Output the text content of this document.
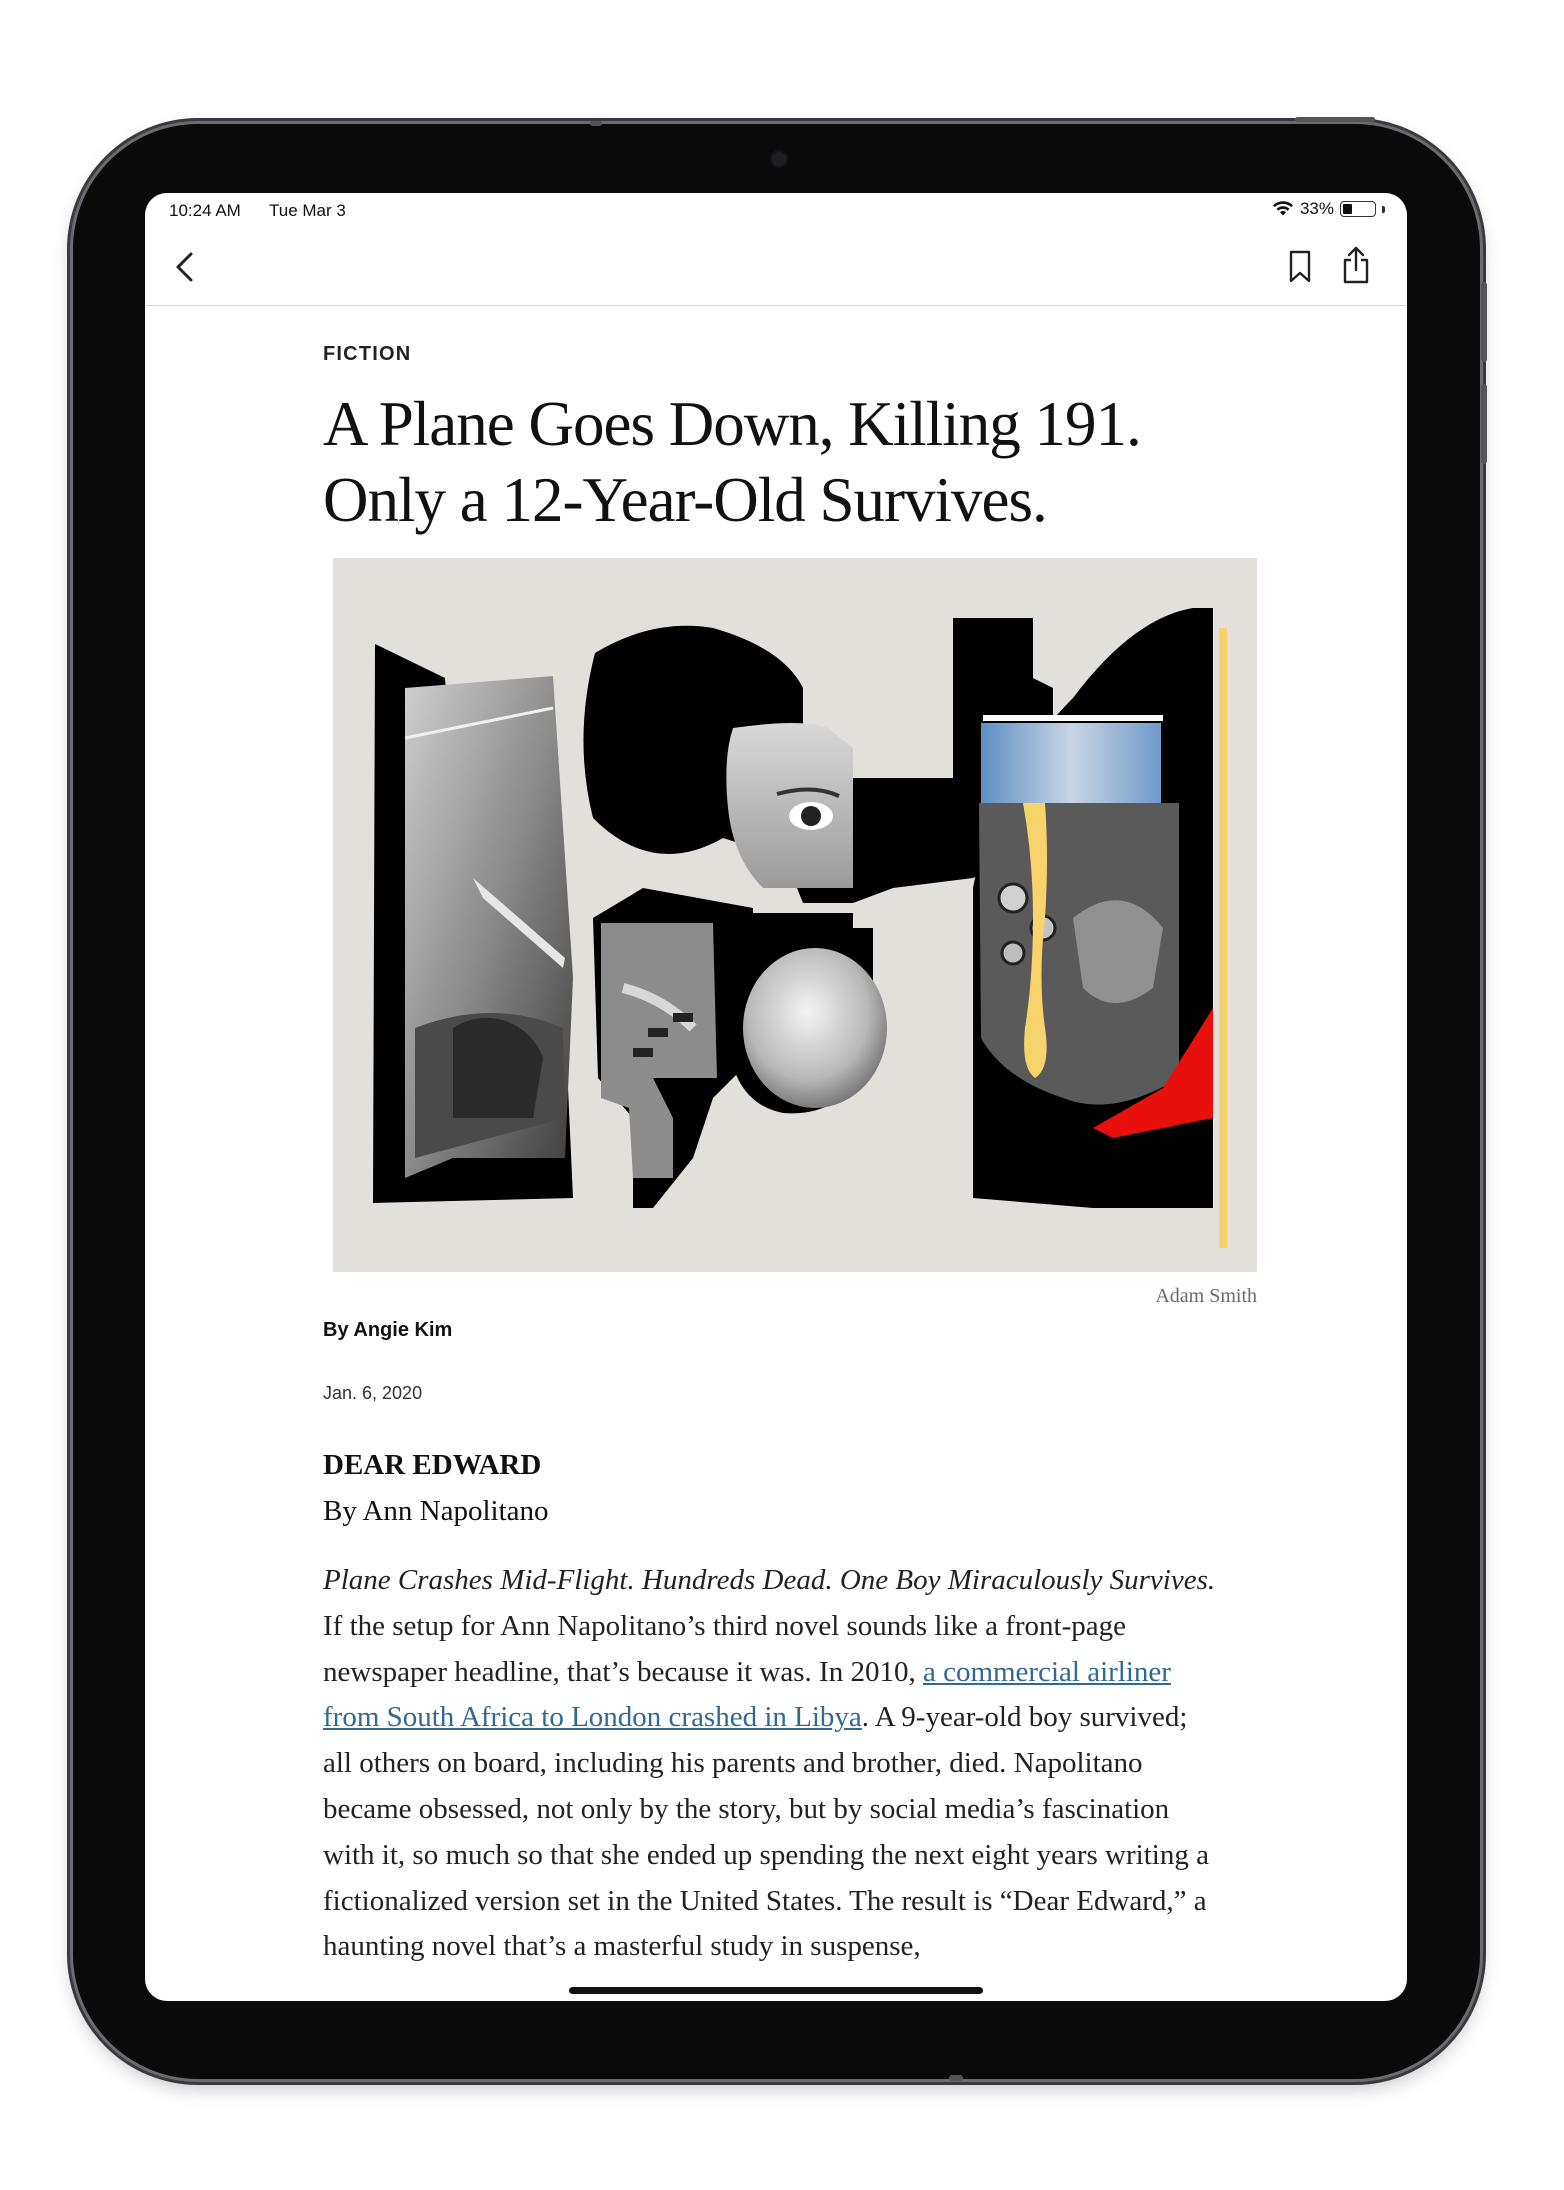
10:24 AM Tue Mar 3	33%

FICTION

A Plane Goes Down, Killing 191.
Only a 12-Year-Old Survives.
Adam Smith
By Angie Kim
Jan. 6, 2020
DEAR EDWARD
By Ann Napolitano

Plane Crashes Mid-Flight. Hundreds Dead. One Boy Miraculously Survives. If the setup for Ann Napolitano’s third novel sounds like a front-page newspaper headline, that’s because it was. In 2010, a commercial airliner from South Africa to London crashed in Libya. A 9-year-old boy survived; all others on board, including his parents and brother, died. Napolitano became obsessed, not only by the story, but by social media’s fascination with it, so much so that she ended up spending the next eight years writing a fictionalized version set in the United States. The result is “Dear Edward,” a haunting novel that’s a masterful study in suspense,
